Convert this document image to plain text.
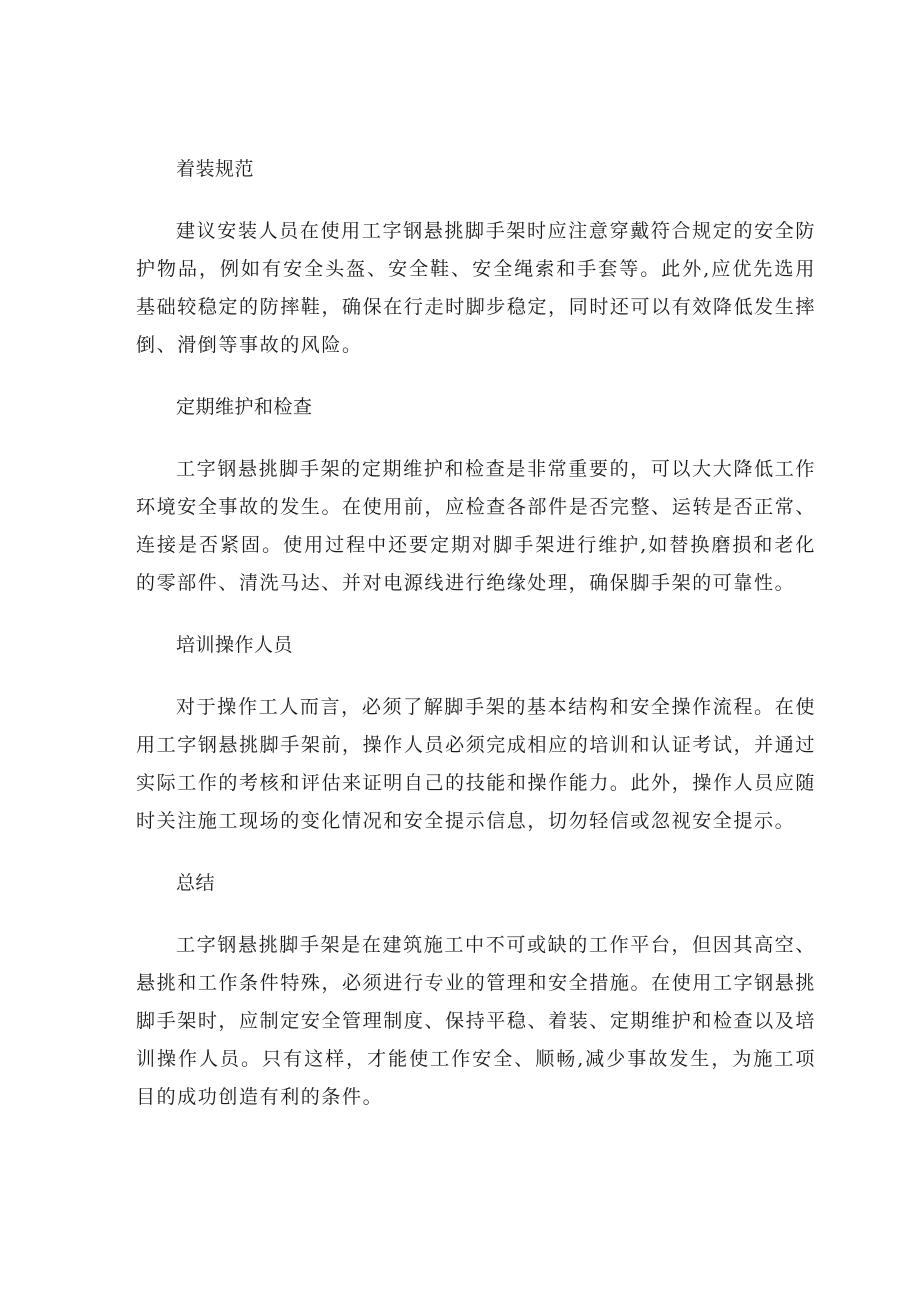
着装规范

建议安装人员在使用工字钢悬挑脚手架时应注意穿戴符合规定的安全防护物品，例如有安全头盔、安全鞋、安全绳索和手套等。此外,应优先选用基础较稳定的防摔鞋，确保在行走时脚步稳定，同时还可以有效降低发生摔倒、滑倒等事故的风险。

定期维护和检查

工字钢悬挑脚手架的定期维护和检查是非常重要的，可以大大降低工作环境安全事故的发生。在使用前，应检查各部件是否完整、运转是否正常、连接是否紧固。使用过程中还要定期对脚手架进行维护,如替换磨损和老化的零部件、清洗马达、并对电源线进行绝缘处理，确保脚手架的可靠性。

培训操作人员

对于操作工人而言，必须了解脚手架的基本结构和安全操作流程。在使用工字钢悬挑脚手架前，操作人员必须完成相应的培训和认证考试，并通过实际工作的考核和评估来证明自己的技能和操作能力。此外，操作人员应随时关注施工现场的变化情况和安全提示信息，切勿轻信或忽视安全提示。

总结

工字钢悬挑脚手架是在建筑施工中不可或缺的工作平台，但因其高空、悬挑和工作条件特殊，必须进行专业的管理和安全措施。在使用工字钢悬挑脚手架时，应制定安全管理制度、保持平稳、着装、定期维护和检查以及培训操作人员。只有这样，才能使工作安全、顺畅,减少事故发生，为施工项目的成功创造有利的条件。
